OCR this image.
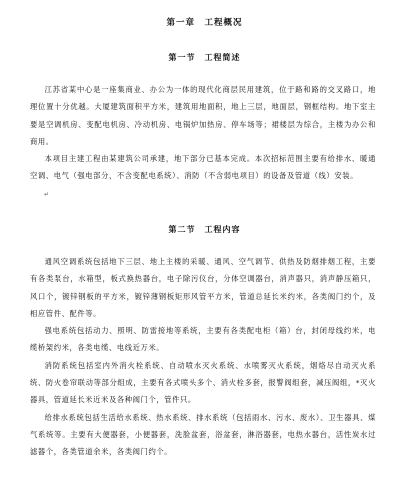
第一章　工程概况
第一节　工程简述

江苏省某中心是一座集商业、办公为一体的现代化商层民用建筑，位于路和路的交叉路口，地理位置十分优越。大厦建筑面积平方米，建筑用地面积，地上三层，地面层，钢框结构。地下室主要是空调机房、变配电机房、冷动机房、电锅炉加热房、停车场等；裙楼层为综合，主楼为办公和商用。

本项目主建工程由某建筑公司承建，地下部分已基本完成。本次招标范围主要有给排水、暖通空调、电气（强电部分，不含变配电系统）、消防（不含弱电项目）的设备及管道（线）安装。

↵
第二节　工程内容

通风空调系统包括地下三层、地上主楼的采暖、通风、空气调节、供热及防烟排烟工程，主要有各类泵台，水箱型，板式换热器台，电子除污仪台，分体空调器台，消声器只，消声静压箱只，风口个，镀锌钢板的平方米，镀锌薄钢板矩形风管平方米，管道总延长米约米，各类阀门约个，及相应管件、配件等。

强电系统包括动力、照明、防雷接地等系统，主要有各类配电柜（箱）台，封闭母线约米，电缆桥架约米，各类电缆、电线近万米。

消防系统包括室内外消火栓系统、自动喷水灭火系统、水喷雾灭火系统，烟烙尽自动灭火系统、防火卷帘联动等部分组成，主要有各式喷头多个、消火栓多套，报警阀组套，减压阀组，*灭火器具，管道延长米近米及各种阀门个，管件只。

给排水系统包括生活给水系统、热水系统、排水系统（包括雨水、污水、废水）、卫生器具、煤气系统等。主要有大便器套，小便器套，洗脸盆套，浴盆套，淋浴器套，电热水器台，活性炭水过滤器个，各类管道余米，各类阀门约个。
